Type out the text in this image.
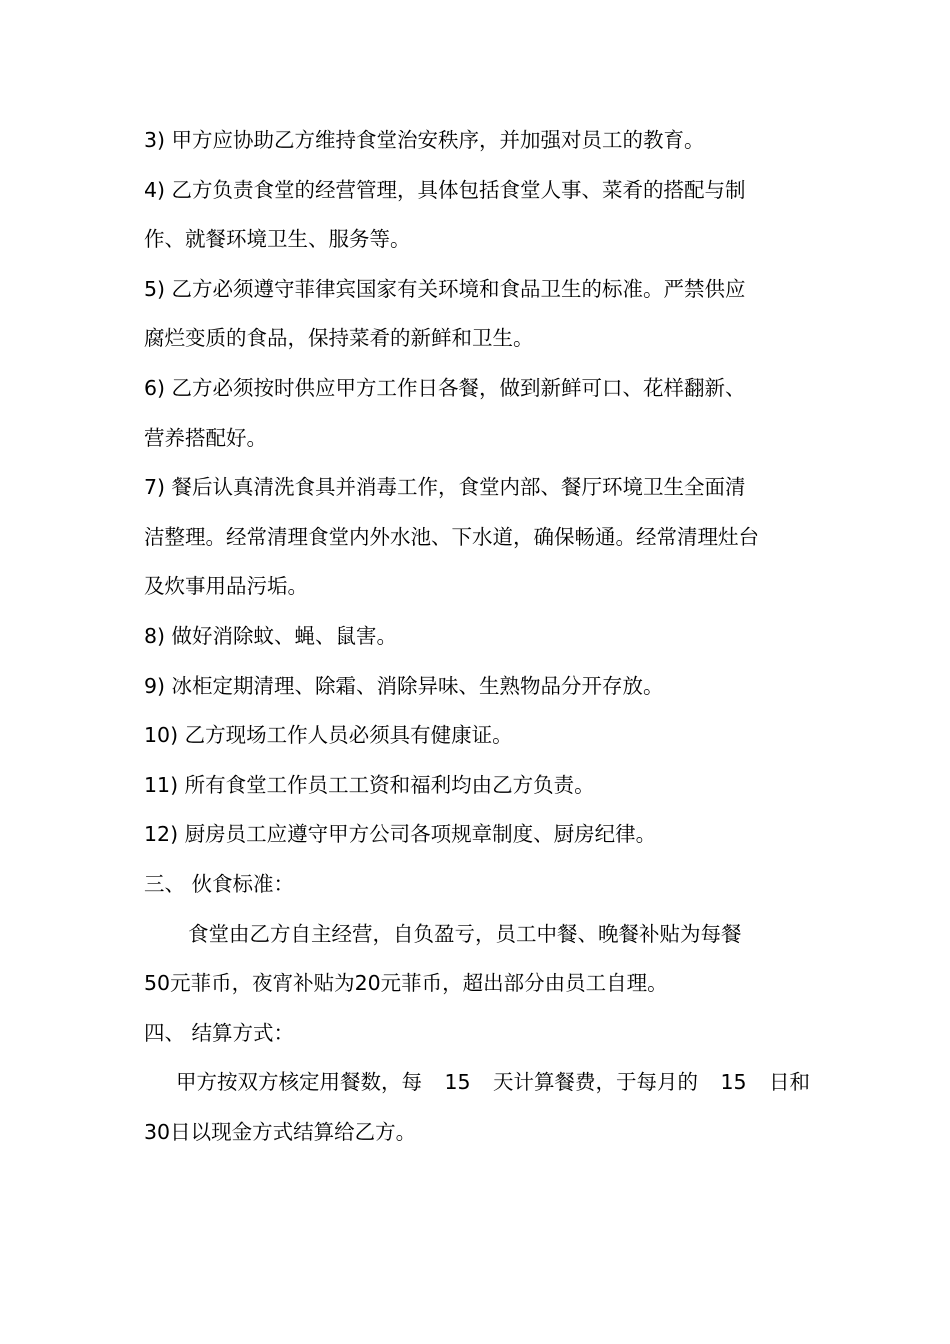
3) 甲方应协助乙方维持食堂治安秩序，并加强对员工的教育。
4) 乙方负责食堂的经营管理，具体包括食堂人事、菜肴的搭配与制
作、就餐环境卫生、服务等。
5) 乙方必须遵守菲律宾国家有关环境和食品卫生的标准。严禁供应
腐烂变质的食品，保持菜肴的新鲜和卫生。
6) 乙方必须按时供应甲方工作日各餐，做到新鲜可口、花样翻新、
营养搭配好。
7) 餐后认真清洗食具并消毒工作，食堂内部、餐厅环境卫生全面清
洁整理。经常清理食堂内外水池、下水道，确保畅通。经常清理灶台
及炊事用品污垢。
8) 做好消除蚊、蝇、鼠害。
9) 冰柜定期清理、除霜、消除异味、生熟物品分开存放。
10) 乙方现场工作人员必须具有健康证。
11) 所有食堂工作员工工资和福利均由乙方负责。
12) 厨房员工应遵守甲方公司各项规章制度、厨房纪律。
三、 伙食标准：
食堂由乙方自主经营，自负盈亏，员工中餐、晚餐补贴为每餐
50元菲币，夜宵补贴为20元菲币，超出部分由员工自理。
四、 结算方式：
甲方按双方核定用餐数，每 15 天计算餐费，于每月的 15 日和
30日以现金方式结算给乙方。
